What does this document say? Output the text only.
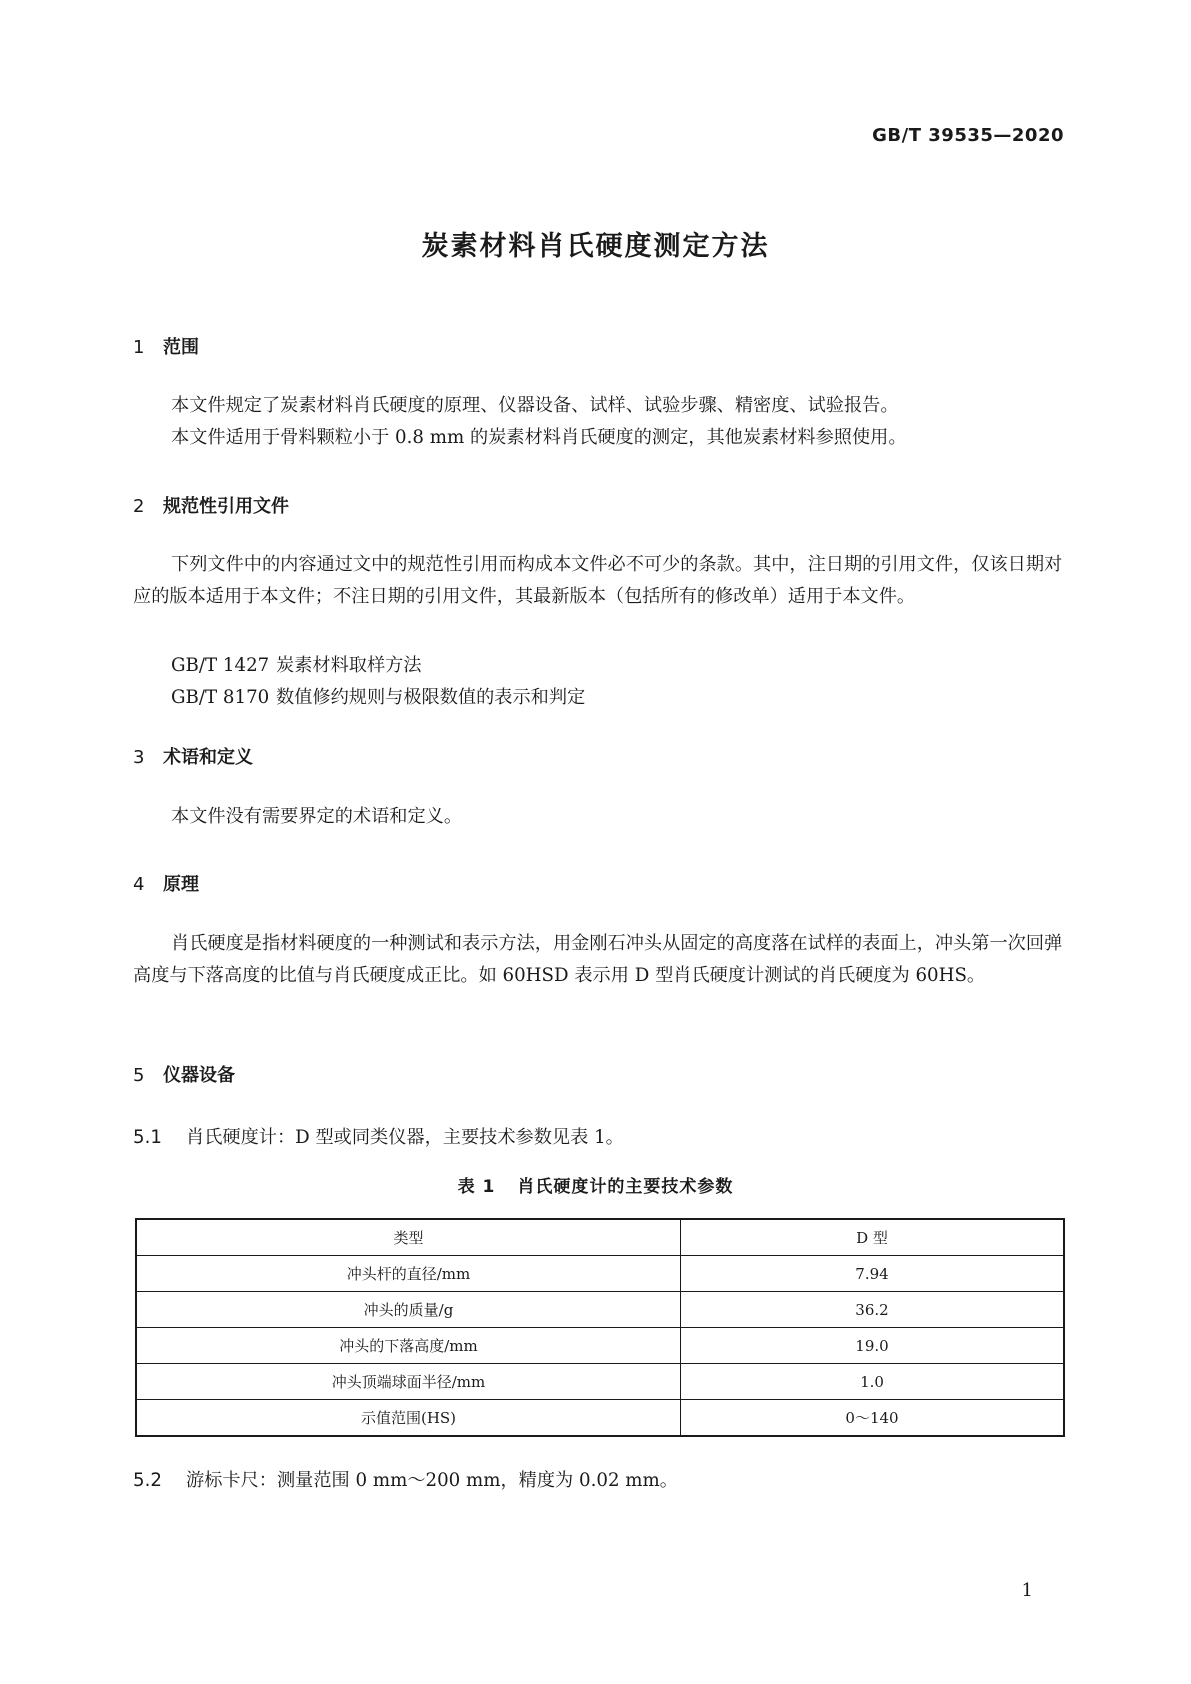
GB/T 39535—2020
炭素材料肖氏硬度测定方法
1 范围
本文件规定了炭素材料肖氏硬度的原理、仪器设备、试样、试验步骤、精密度、试验报告。
本文件适用于骨料颗粒小于 0.8 mm 的炭素材料肖氏硬度的测定，其他炭素材料参照使用。
2 规范性引用文件
下列文件中的内容通过文中的规范性引用而构成本文件必不可少的条款。其中，注日期的引用文件，仅该日期对应的版本适用于本文件；不注日期的引用文件，其最新版本（包括所有的修改单）适用于本文件。
GB/T 1427 炭素材料取样方法
GB/T 8170 数值修约规则与极限数值的表示和判定
3 术语和定义
本文件没有需要界定的术语和定义。
4 原理
肖氏硬度是指材料硬度的一种测试和表示方法，用金刚石冲头从固定的高度落在试样的表面上，冲头第一次回弹高度与下落高度的比值与肖氏硬度成正比。如 60HSD 表示用 D 型肖氏硬度计测试的肖氏硬度为 60HS。
5 仪器设备
5.1 肖氏硬度计：D 型或同类仪器，主要技术参数见表 1。
表 1 肖氏硬度计的主要技术参数
类型	D 型
冲头杆的直径/mm	7.94
冲头的质量/g	36.2
冲头的下落高度/mm	19.0
冲头顶端球面半径/mm	1.0
示值范围(HS)	0～140
5.2 游标卡尺：测量范围 0 mm～200 mm，精度为 0.02 mm。
1
